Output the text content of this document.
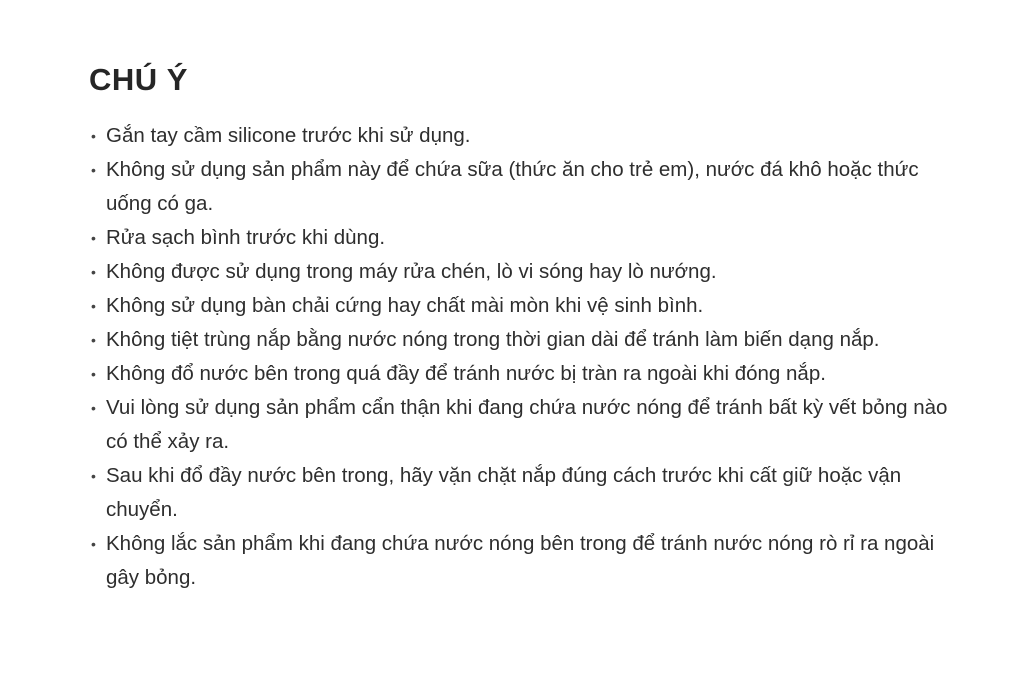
CHÚ Ý
• Gắn tay cầm silicone trước khi sử dụng.
• Không sử dụng sản phẩm này để chứa sữa (thức ăn cho trẻ em), nước đá khô hoặc thức uống có ga.
• Rửa sạch bình trước khi dùng.
• Không được sử dụng trong máy rửa chén, lò vi sóng hay lò nướng.
• Không sử dụng bàn chải cứng hay chất mài mòn khi vệ sinh bình.
• Không tiệt trùng nắp bằng nước nóng trong thời gian dài để tránh làm biến dạng nắp.
• Không đổ nước bên trong quá đầy để tránh nước bị tràn ra ngoài khi đóng nắp.
• Vui lòng sử dụng sản phẩm cẩn thận khi đang chứa nước nóng để tránh bất kỳ vết bỏng nào có thể xảy ra.
• Sau khi đổ đầy nước bên trong, hãy vặn chặt nắp đúng cách trước khi cất giữ hoặc vận chuyển.
• Không lắc sản phẩm khi đang chứa nước nóng bên trong để tránh nước nóng rò rỉ ra ngoài gây bỏng.
